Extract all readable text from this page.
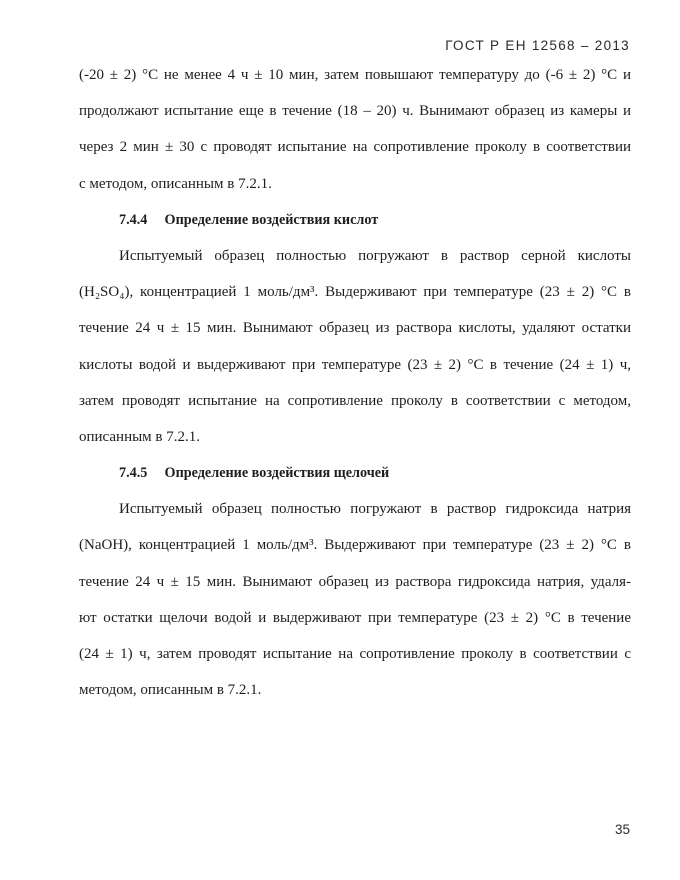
ГОСТ Р ЕН 12568 – 2013
(-20 ± 2) °С не менее 4 ч ± 10 мин, затем повышают температуру до (-6 ± 2) °С и
продолжают испытание еще в течение (18 – 20) ч. Вынимают образец из камеры и
через 2 мин ± 30 с проводят испытание на сопротивление проколу в соответствии
с методом, описанным в 7.2.1.
7.4.4 Определение воздействия кислот
Испытуемый образец полностью погружают в раствор серной кислоты
(H₂SO₄), концентрацией 1 моль/дм³. Выдерживают при температуре (23 ± 2) °С в
течение 24 ч ± 15 мин. Вынимают образец из раствора кислоты, удаляют остатки
кислоты водой и выдерживают при температуре (23 ± 2) °С в течение (24 ± 1) ч,
затем проводят испытание на сопротивление проколу в соответствии с методом,
описанным в 7.2.1.
7.4.5 Определение воздействия щелочей
Испытуемый образец полностью погружают в раствор гидроксида натрия
(NaOH), концентрацией 1 моль/дм³. Выдерживают при температуре (23 ± 2) °С в
течение 24 ч ± 15 мин. Вынимают образец из раствора гидроксида натрия, удаля-
ют остатки щелочи водой и выдерживают при температуре (23 ± 2) °С в течение
(24 ± 1) ч, затем проводят испытание на сопротивление проколу в соответствии с
методом, описанным в 7.2.1.
35
